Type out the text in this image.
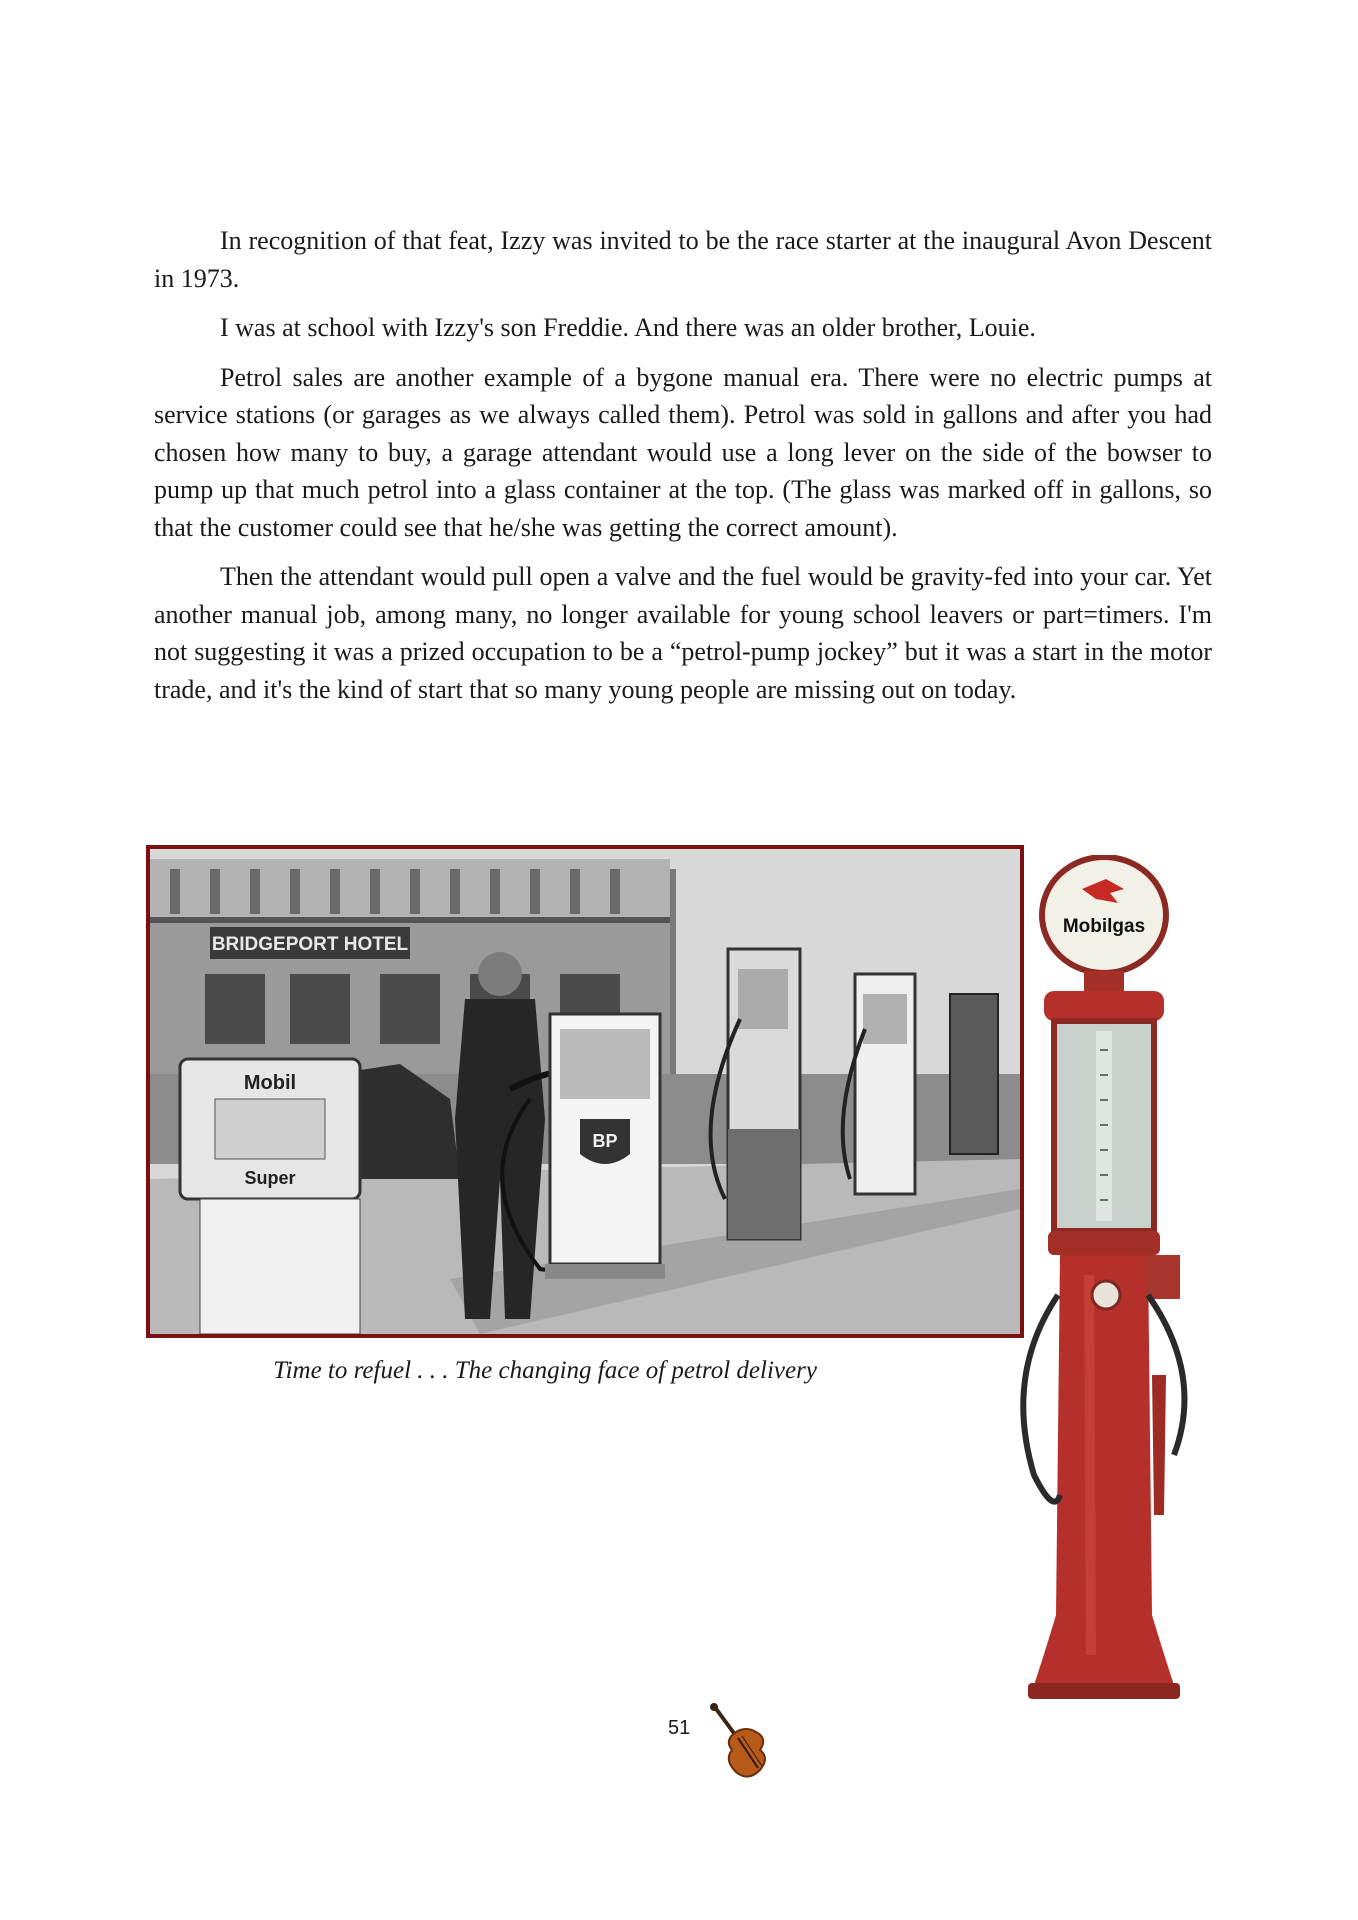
In recognition of that feat, Izzy was invited to be the race starter at the inaugural Avon Descent in 1973.

I was at school with Izzy's son Freddie. And there was an older brother, Louie.

Petrol sales are another example of a bygone manual era. There were no electric pumps at service stations (or garages as we always called them). Petrol was sold in gallons and after you had chosen how many to buy, a garage attendant would use a long lever on the side of the bowser to pump up that much petrol into a glass container at the top. (The glass was marked off in gallons, so that the customer could see that he/she was getting the correct amount).

Then the attendant would pull open a valve and the fuel would be gravity-fed into your car. Yet another manual job, among many, no longer available for young school leavers or part=timers. I'm not suggesting it was a prized occupation to be a “petrol-pump jockey” but it was a start in the motor trade, and it's the kind of start that so many young people are missing out on today.

BRIDGEPORT HOTEL
Mobil
Super
BP
Time to refuel . . . The changing face of petrol delivery
Mobilgas
51
